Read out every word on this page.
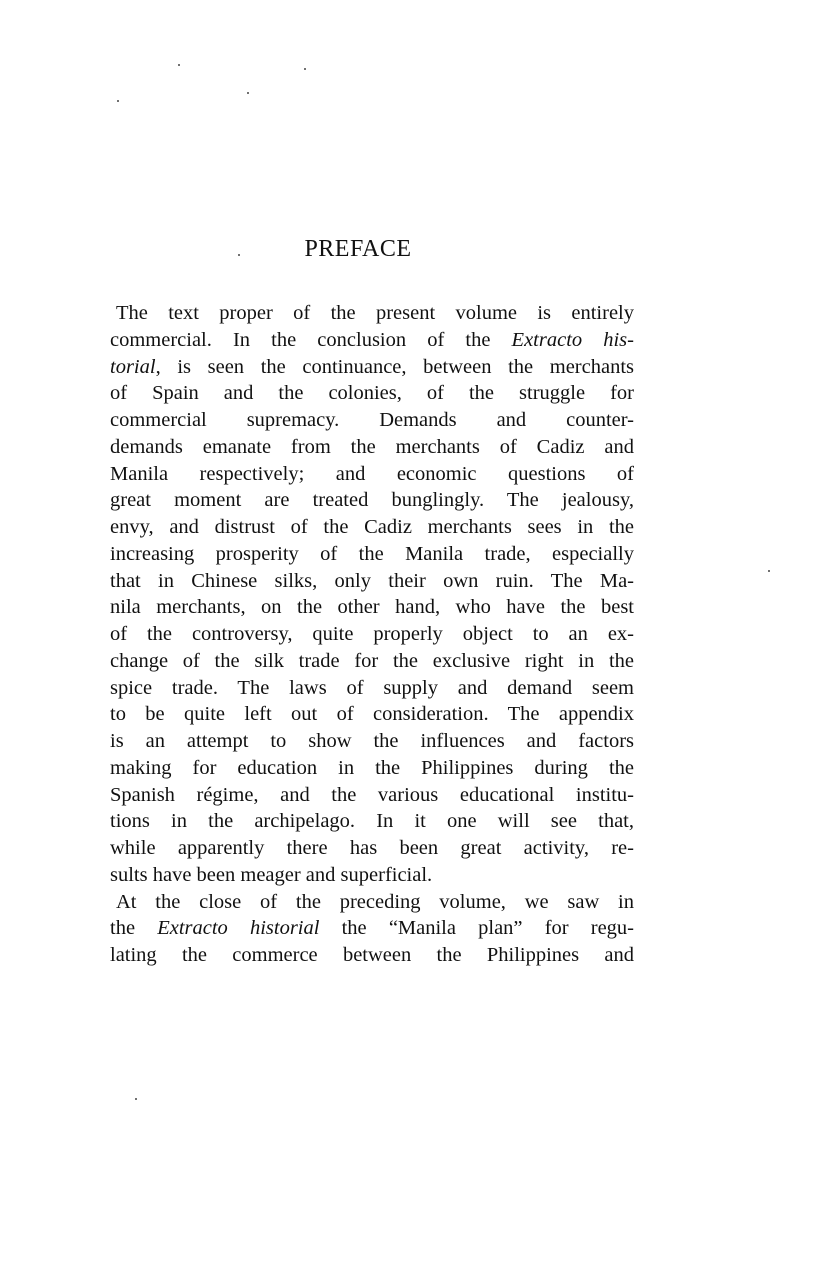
PREFACE
The text proper of the present volume is entirely
commercial. In the conclusion of the Extracto his-
torial, is seen the continuance, between the merchants
of Spain and the colonies, of the struggle for
commercial supremacy. Demands and counter-
demands emanate from the merchants of Cadiz and
Manila respectively; and economic questions of
great moment are treated bunglingly. The jealousy,
envy, and distrust of the Cadiz merchants sees in the
increasing prosperity of the Manila trade, especially
that in Chinese silks, only their own ruin. The Ma-
nila merchants, on the other hand, who have the best
of the controversy, quite properly object to an ex-
change of the silk trade for the exclusive right in the
spice trade. The laws of supply and demand seem
to be quite left out of consideration. The appendix
is an attempt to show the influences and factors
making for education in the Philippines during the
Spanish régime, and the various educational institu-
tions in the archipelago. In it one will see that,
while apparently there has been great activity, re-
sults have been meager and superficial.
At the close of the preceding volume, we saw in
the Extracto historial the “Manila plan” for regu-
lating the commerce between the Philippines and
